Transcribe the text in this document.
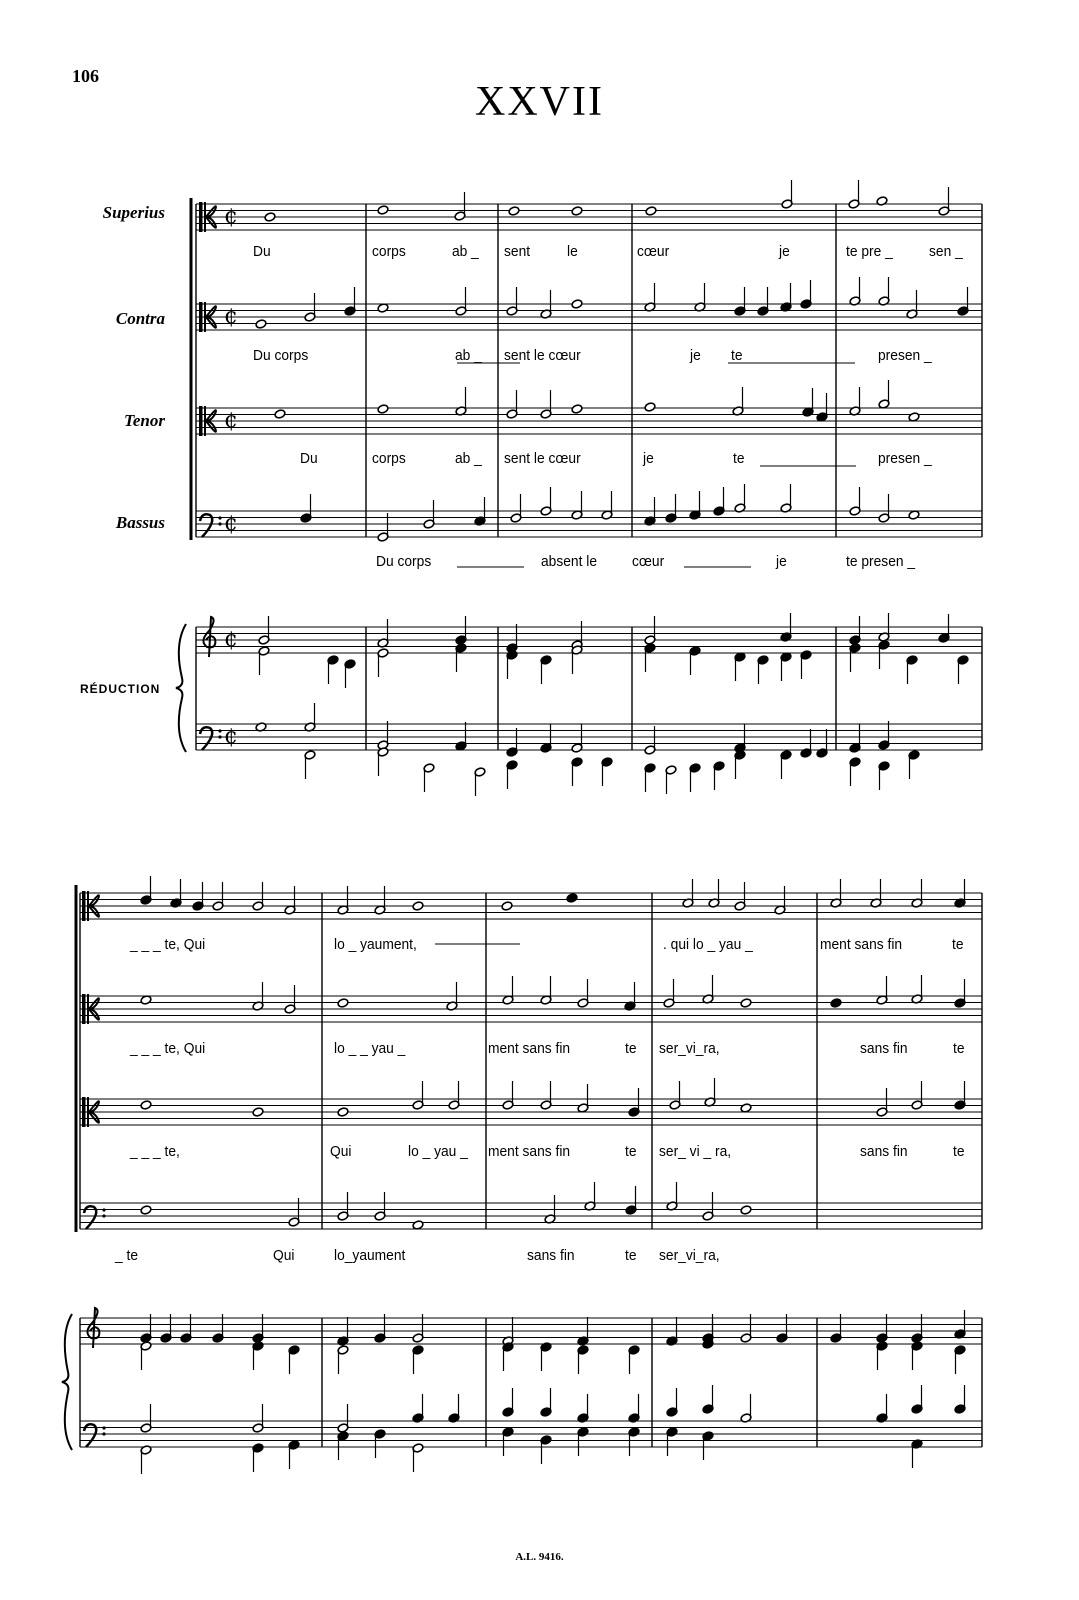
106
XXVII
Superius
Contra
Tenor
Bassus
RÉDUCTION
¢
¢
¢
¢
¢
¢
Du	corps	ab _ sent le	cœur	je	te pre _ sen _
Du corps	ab _ sent le cœur	je te	presen _
Du	corps	ab _ sent le cœur	je	te	presen _
Du corps	absent le cœur	je	te presen _
_ _ _ te, Qui	lo _ yaument,	. qui lo _ yau _	ment sans fin	te
_ _ _ te, Qui	lo _ _ yau _	ment sans fin	te ser_vi_ra,	sans fin	te
_ _ _ te,	Qui	lo _ yau _ ment sans fin	te ser_ vi _ ra,	sans fin	te
_ te	Qui	lo_yaument	sans fin	te ser_vi_ra,
A.L. 9416.
